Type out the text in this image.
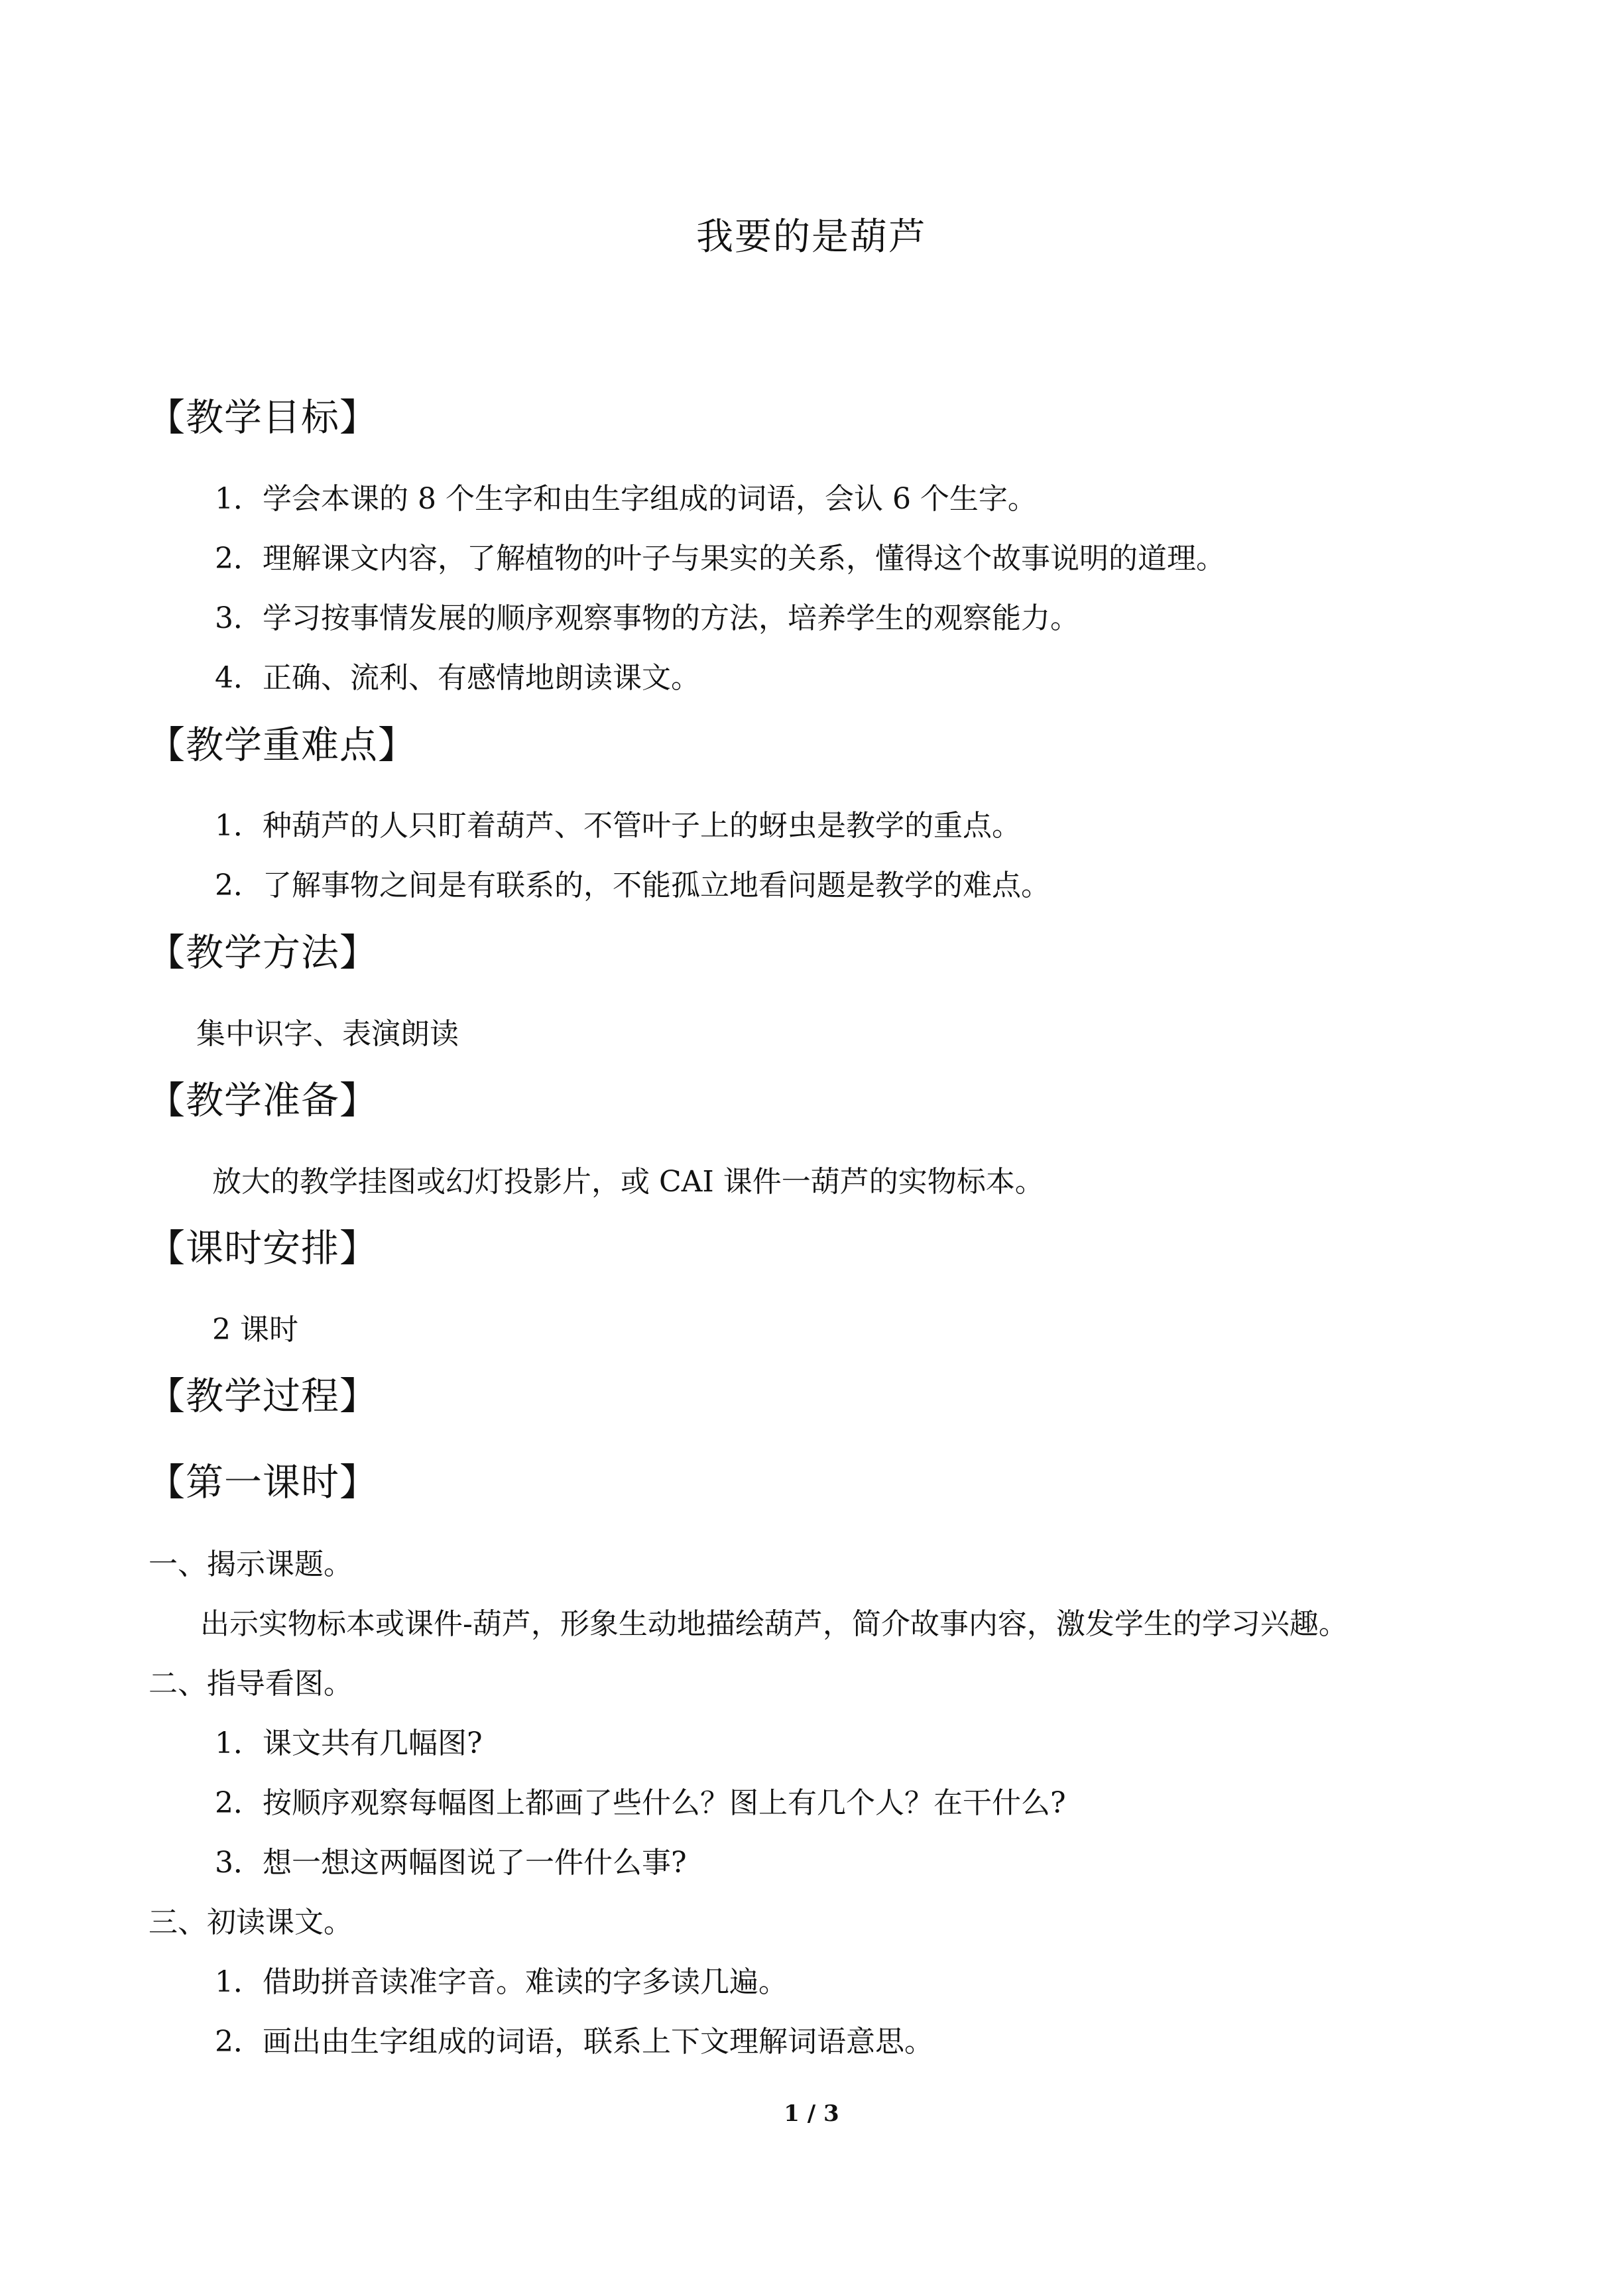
我要的是葫芦
【教学目标】
1．学会本课的 8 个生字和由生字组成的词语，会认 6 个生字。
2．理解课文内容，了解植物的叶子与果实的关系，懂得这个故事说明的道理。
3．学习按事情发展的顺序观察事物的方法，培养学生的观察能力。
4．正确、流利、有感情地朗读课文。
【教学重难点】
1．种葫芦的人只盯着葫芦、不管叶子上的蚜虫是教学的重点。
2．了解事物之间是有联系的，不能孤立地看问题是教学的难点。
【教学方法】
集中识字、表演朗读
【教学准备】
放大的教学挂图或幻灯投影片，或 CAI 课件一葫芦的实物标本。
【课时安排】
2 课时
【教学过程】
【第一课时】
一、揭示课题。
出示实物标本或课件-葫芦，形象生动地描绘葫芦，简介故事内容，激发学生的学习兴趣。
二、指导看图。
1．课文共有几幅图?
2．按顺序观察每幅图上都画了些什么？图上有几个人？在干什么?
3．想一想这两幅图说了一件什么事?
三、初读课文。
1．借助拼音读准字音。难读的字多读几遍。
2．画出由生字组成的词语，联系上下文理解词语意思。
1 / 3
